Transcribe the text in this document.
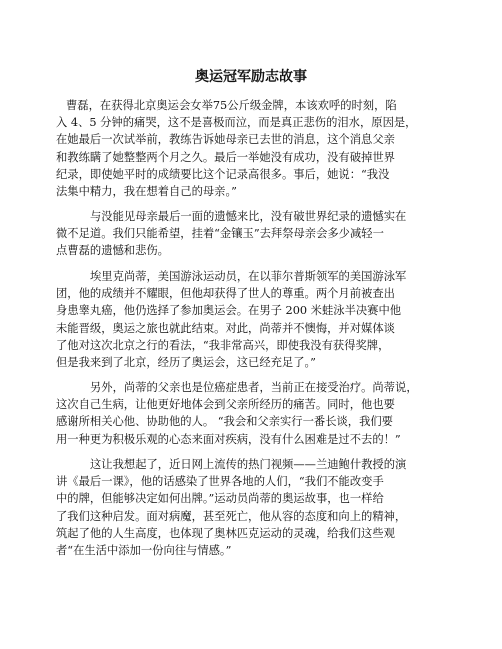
奥运冠军励志故事
曹磊，在获得北京奥运会女举75公斤级金牌，本该欢呼的时刻，陷
入 4、5 分钟的痛哭，这不是喜极而泣，而是真正悲伤的泪水，原因是，
在她最后一次试举前，教练告诉她母亲已去世的消息，这个消息父亲
和教练瞒了她整整两个月之久。最后一举她没有成功，没有破掉世界
纪录，即使她平时的成绩要比这个记录高很多。事后，她说：“我没
法集中精力，我在想着自己的母亲。”
与没能见母亲最后一面的遗憾来比，没有破世界纪录的遗憾实在
微不足道。我们只能希望，挂着“金镶玉”去拜祭母亲会多少减轻一
点曹磊的遗憾和悲伤。
埃里克尚蒂，美国游泳运动员，在以菲尔普斯领军的美国游泳军
团，他的成绩并不耀眼，但他却获得了世人的尊重。两个月前被查出
身患睾丸癌，他仍选择了参加奥运会。在男子 200 米蛙泳半决赛中他
未能晋级，奥运之旅也就此结束。对此，尚蒂并不懊悔，并对媒体谈
了他对这次北京之行的看法，“我非常高兴，即使我没有获得奖牌，
但是我来到了北京，经历了奥运会，这已经充足了。”
另外，尚蒂的父亲也是位癌症患者，当前正在接受治疗。尚蒂说，
这次自己生病，让他更好地体会到父亲所经历的痛苦。同时，他也要
感谢所相关心他、协助他的人。 “我会和父亲实行一番长谈，我们要
用一种更为积极乐观的心态来面对疾病，没有什么困难是过不去的！”
这让我想起了，近日网上流传的热门视频——兰迪鲍什教授的演
讲《最后一课》，他的话感染了世界各地的人们，“我们不能改变手
中的牌，但能够决定如何出牌。”运动员尚蒂的奥运故事，也一样给
了我们这种启发。面对病魔，甚至死亡，他从容的态度和向上的精神，
筑起了他的人生高度，也体现了奥林匹克运动的灵魂，给我们这些观
者“在生活中添加一份向往与情感。”
